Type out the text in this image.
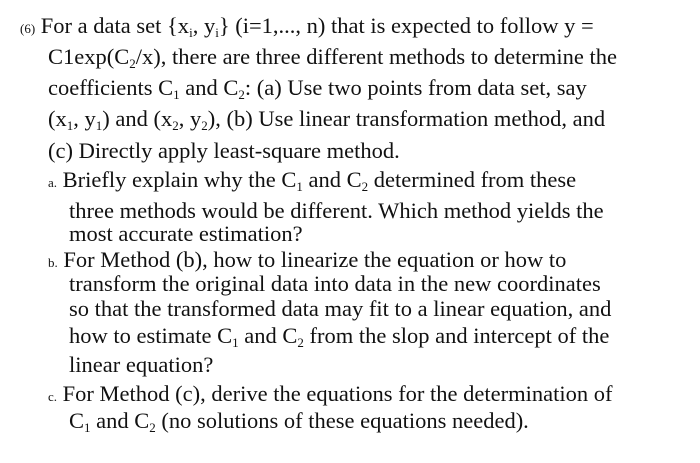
(6) For a data set {$x_i$, $y_i$} (i=1,..., n) that is expected to follow y =
$C1\exp(C_2/x)$, there are three different methods to determine the
coefficients $C_1$ and $C_2$: (a) Use two points from data set, say
($x_1$, $y_1$) and ($x_2$, $y_2$), (b) Use linear transformation method, and
(c) Directly apply least-square method.
a. Briefly explain why the $C_1$ and $C_2$ determined from these
three methods would be different. Which method yields the
most accurate estimation?
b. For Method (b), how to linearize the equation or how to
transform the original data into data in the new coordinates
so that the transformed data may fit to a linear equation, and
how to estimate $C_1$ and $C_2$ from the slop and intercept of the
linear equation?
c. For Method (c), derive the equations for the determination of
$C_1$ and $C_2$ (no solutions of these equations needed).
